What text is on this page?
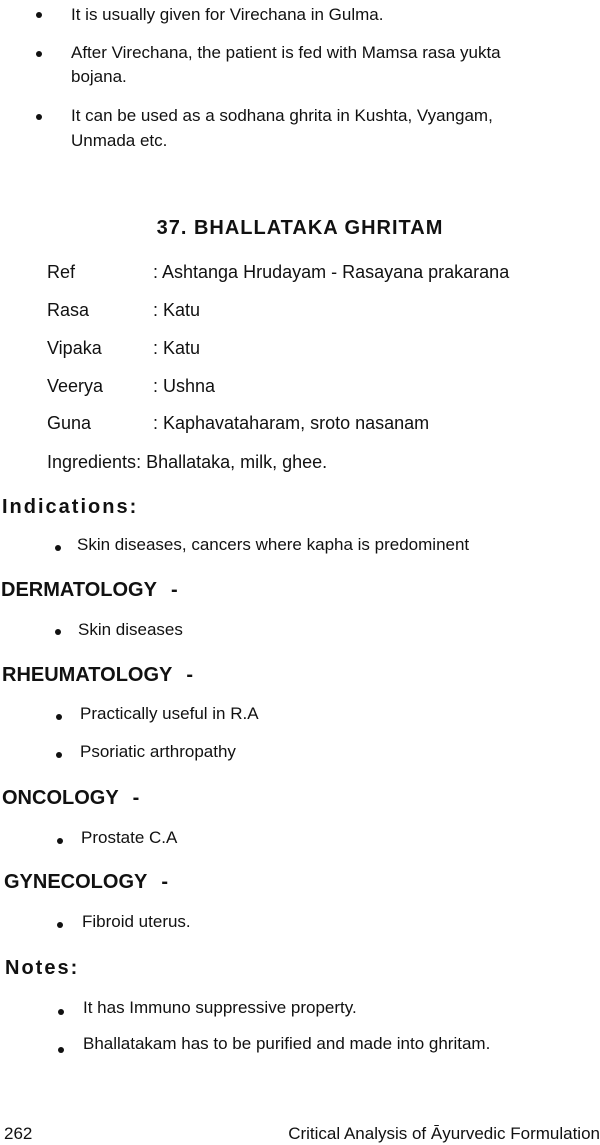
It is usually given for Virechana in Gulma.
After Virechana, the patient is fed with Mamsa rasa yukta
bojana.
It can be used as a sodhana ghrita in Kushta, Vyangam,
Unmada etc.
37. BHALLATAKA GHRITAM
Ref	: Ashtanga Hrudayam - Rasayana prakarana
Rasa	: Katu
Vipaka	: Katu
Veerya	: Ushna
Guna	: Kaphavataharam, sroto nasanam
Ingredients: Bhallataka, milk, ghee.
Indications:
Skin diseases, cancers where kapha is predominent
DERMATOLOGY -
Skin diseases
RHEUMATOLOGY -
Practically useful in R.A
Psoriatic arthropathy
ONCOLOGY -
Prostate C.A
GYNECOLOGY -
Fibroid uterus.
Notes:
It has Immuno suppressive property.
Bhallatakam has to be purified and made into ghritam.
262	Critical Analysis of Āyurvedic Formulation
